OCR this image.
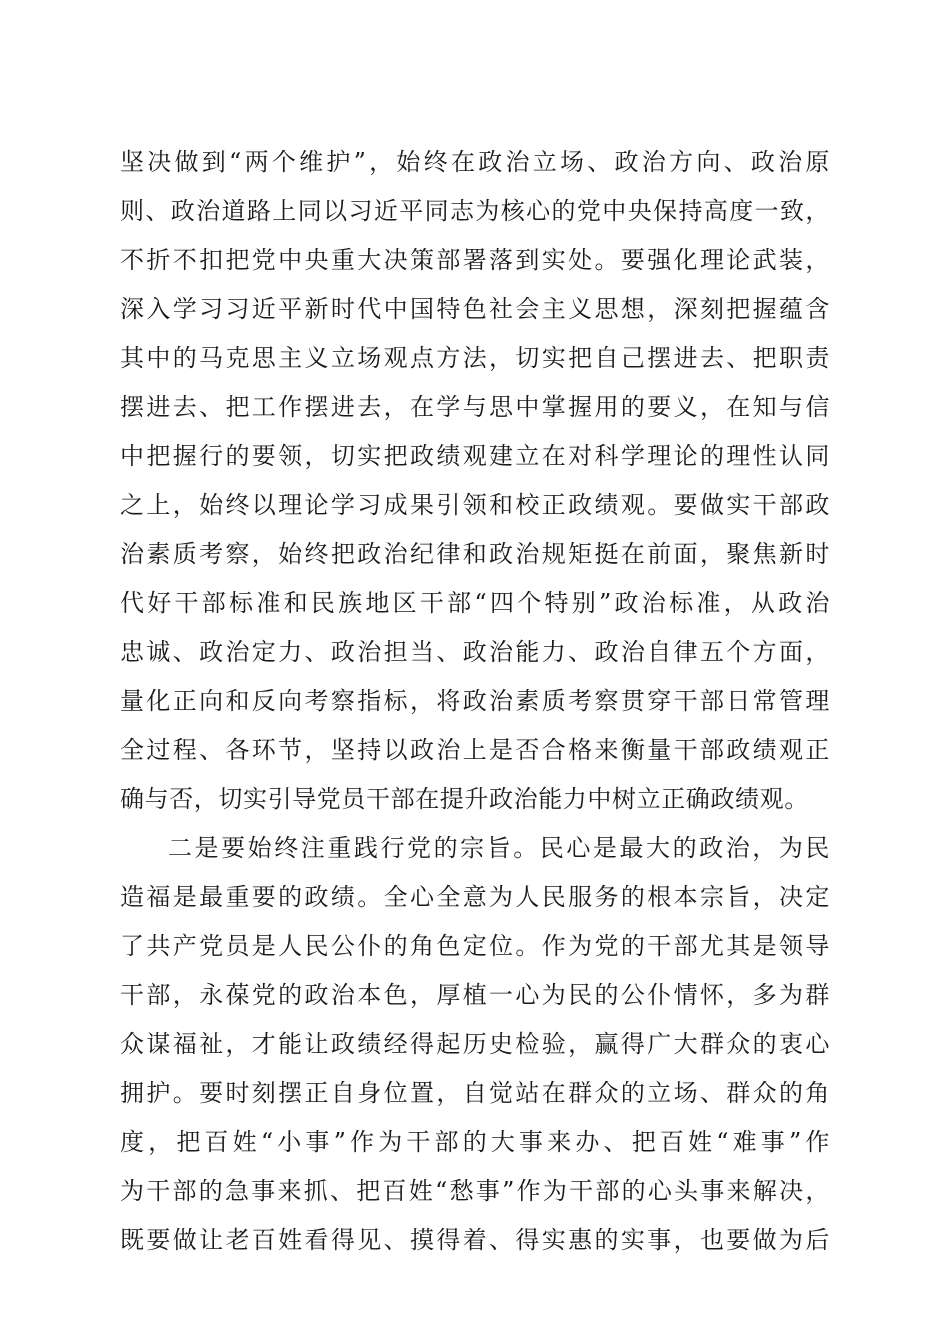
坚决做到“两个维护”，始终在政治立场、政治方向、政治原
则、政治道路上同以习近平同志为核心的党中央保持高度一致，
不折不扣把党中央重大决策部署落到实处。要强化理论武装，
深入学习习近平新时代中国特色社会主义思想，深刻把握蕴含
其中的马克思主义立场观点方法，切实把自己摆进去、把职责
摆进去、把工作摆进去，在学与思中掌握用的要义，在知与信
中把握行的要领，切实把政绩观建立在对科学理论的理性认同
之上，始终以理论学习成果引领和校正政绩观。要做实干部政
治素质考察，始终把政治纪律和政治规矩挺在前面，聚焦新时
代好干部标准和民族地区干部“四个特别”政治标准，从政治
忠诚、政治定力、政治担当、政治能力、政治自律五个方面，
量化正向和反向考察指标，将政治素质考察贯穿干部日常管理
全过程、各环节，坚持以政治上是否合格来衡量干部政绩观正
确与否，切实引导党员干部在提升政治能力中树立正确政绩观。
二是要始终注重践行党的宗旨。民心是最大的政治，为民
造福是最重要的政绩。全心全意为人民服务的根本宗旨，决定
了共产党员是人民公仆的角色定位。作为党的干部尤其是领导
干部，永葆党的政治本色，厚植一心为民的公仆情怀，多为群
众谋福祉，才能让政绩经得起历史检验，赢得广大群众的衷心
拥护。要时刻摆正自身位置，自觉站在群众的立场、群众的角
度，把百姓“小事”作为干部的大事来办、把百姓“难事”作
为干部的急事来抓、把百姓“愁事”作为干部的心头事来解决，
既要做让老百姓看得见、摸得着、得实惠的实事，也要做为后
